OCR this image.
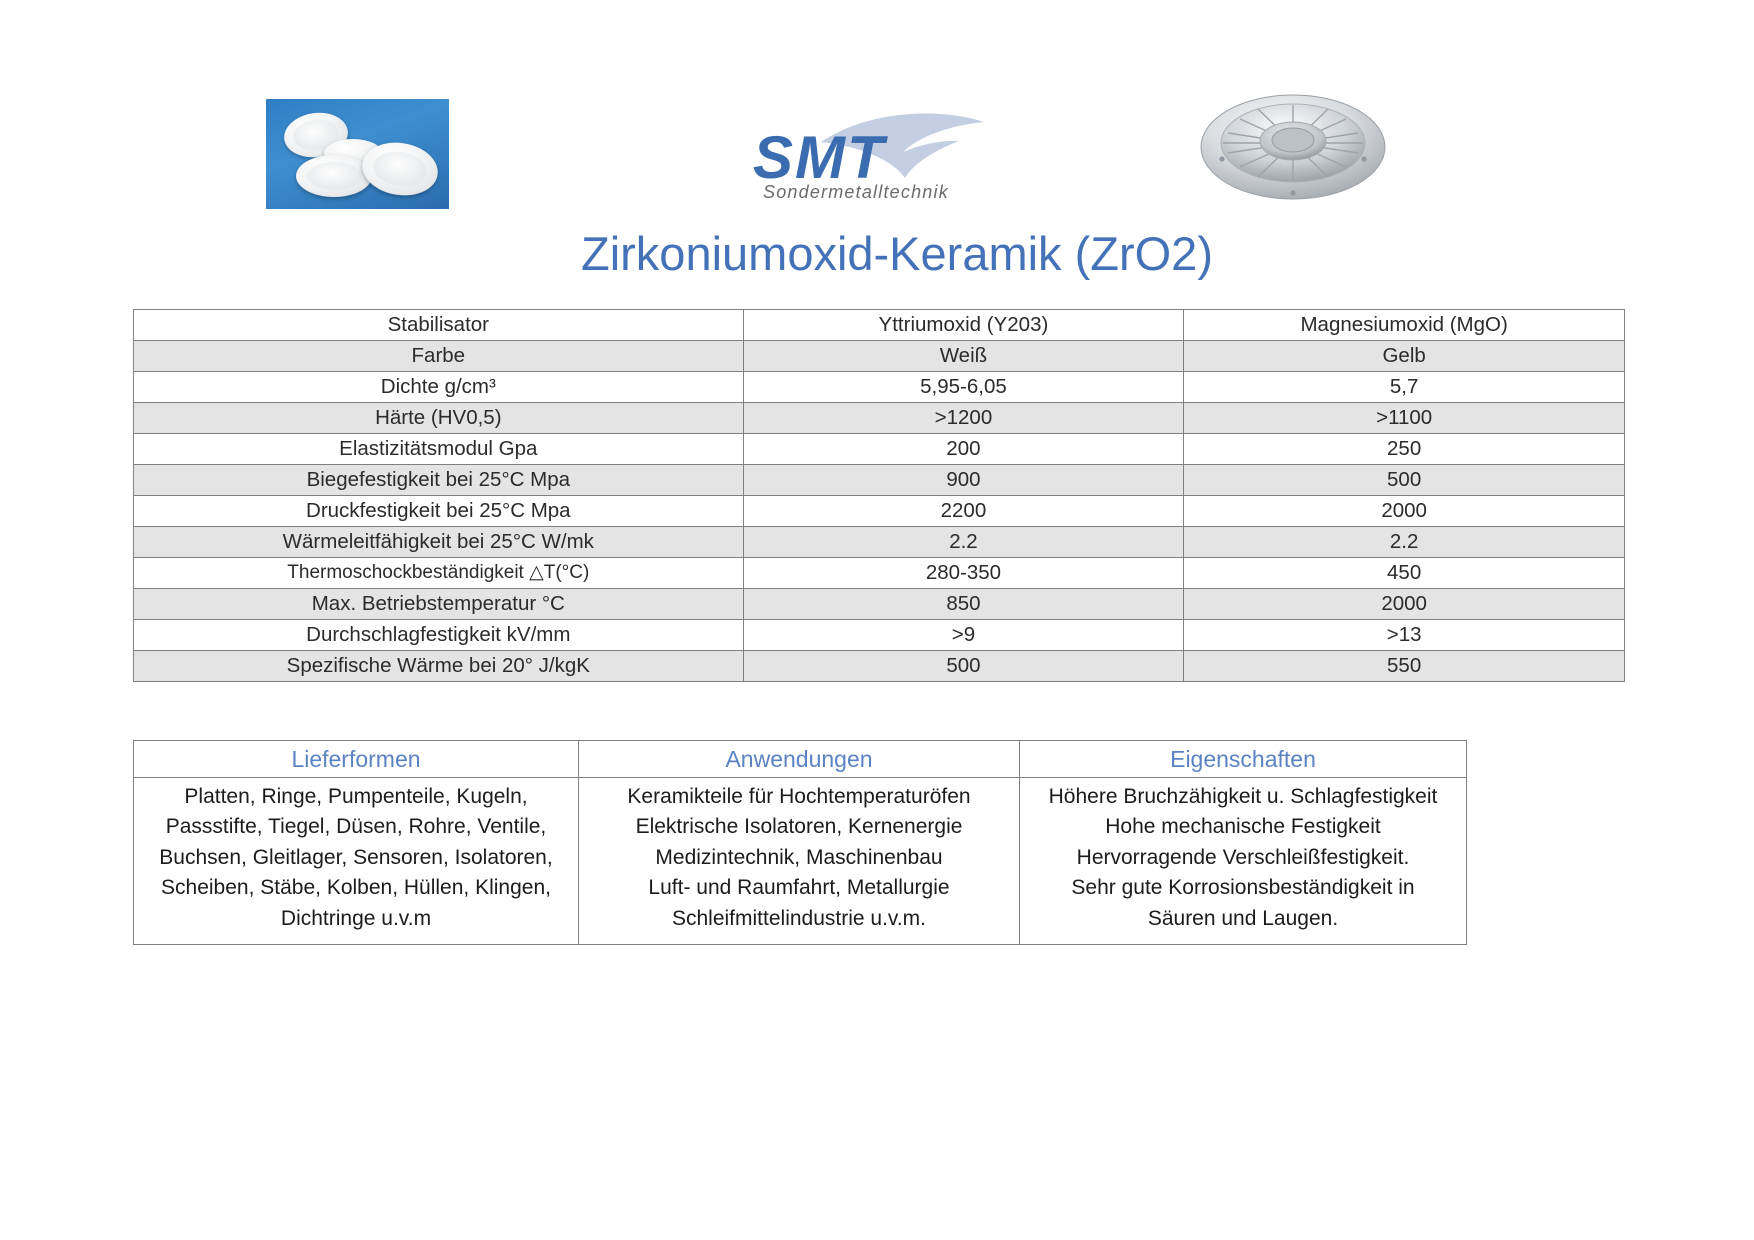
SMT
Sondermetalltechnik
Zirkoniumoxid-Keramik (ZrO2)
Stabilisator	Yttriumoxid (Y203)	Magnesiumoxid (MgO)
Farbe	Weiß	Gelb
Dichte g/cm³	5,95-6,05	5,7
Härte (HV0,5)	>1200	>1100
Elastizitätsmodul Gpa	200	250
Biegefestigkeit bei 25°C Mpa	900	500
Druckfestigkeit bei 25°C Mpa	2200	2000
Wärmeleitfähigkeit bei 25°C W/mk	2.2	2.2
Thermoschockbeständigkeit △T(°C)	280-350	450
Max. Betriebstemperatur °C	850	2000
Durchschlagfestigkeit kV/mm	>9	>13
Spezifische Wärme bei 20° J/kgK	500	550
Lieferformen	Anwendungen	Eigenschaften

Platten, Ringe, Pumpenteile, Kugeln,
Passstifte, Tiegel, Düsen, Rohre, Ventile,
Buchsen, Gleitlager, Sensoren, Isolatoren,
Scheiben, Stäbe, Kolben, Hüllen, Klingen,
Dichtringe u.v.m	Keramikteile für Hochtemperaturöfen
Elektrische Isolatoren, Kernenergie
Medizintechnik, Maschinenbau
Luft- und Raumfahrt, Metallurgie
Schleifmittelindustrie u.v.m.	Höhere Bruchzähigkeit u. Schlagfestigkeit
Hohe mechanische Festigkeit
Hervorragende Verschleißfestigkeit.
Sehr gute Korrosionsbeständigkeit in
Säuren und Laugen.
